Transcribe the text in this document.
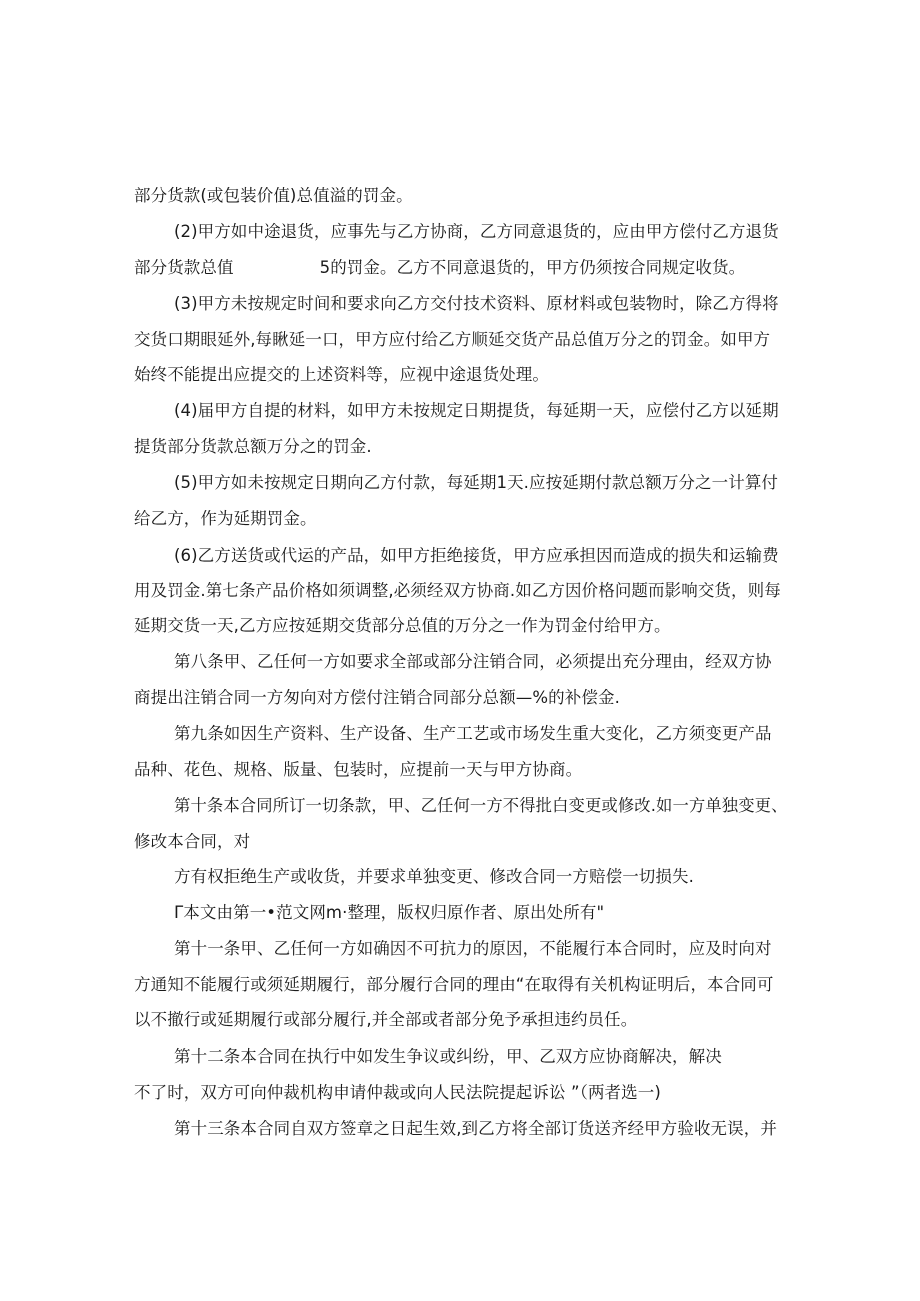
部分货款(或包装价值)总值溢的罚金。
(2)甲方如中途退货，应事先与乙方协商，乙方同意退货的，应由甲方偿付乙方退货
部分货款总值	5的罚金。乙方不同意退货的，甲方仍须按合同规定收货。
(3)甲方未按规定时间和要求向乙方交付技术资料、原材料或包装物时，除乙方得将
交货口期眼延外,每瞅延一口，甲方应付给乙方顺延交货产品总值万分之的罚金。如甲方
始终不能提出应提交的上述资料等，应视中途退货处理。
(4)届甲方自提的材料，如甲方未按规定日期提货，每延期一天，应偿付乙方以延期
提货部分货款总额万分之的罚金.
(5)甲方如未按规定日期向乙方付款，每延期1天.应按延期付款总额万分之一计算付
给乙方，作为延期罚金。
(6)乙方送货或代运的产品，如甲方拒绝接货，甲方应承担因而造成的损失和运输费
用及罚金.第七条产品价格如须调整,必须经双方协商.如乙方因价格问题而影响交货，则每
延期交货一天,乙方应按延期交货部分总值的万分之一作为罚金付给甲方。
第八条甲、乙任何一方如要求全部或部分注销合同，必须提出充分理由，经双方协
商提出注销合同一方匆向对方偿付注销合同部分总额—%的补偿金.
第九条如因生产资料、生产设备、生产工艺或市场发生重大变化，乙方须变更产品
品种、花色、规格、版量、包装时，应提前一天与甲方协商。
第十条本合同所订一切条款，甲、乙任何一方不得批白变更或修改.如一方单独变更、
修改本合同，对
方有权拒绝生产或收货，并要求单独变更、修改合同一方赔偿一切损失.
Γ本文由第一•范文网m·整理，版权归原作者、原出处所有"
第十一条甲、乙任何一方如确因不可抗力的原因，不能履行本合同时，应及时向对
方通知不能履行或须延期履行，部分履行合同的理由“在取得有关机构证明后，本合同可
以不撤行或延期履行或部分履行,并全部或者部分免予承担违约员任。
第十二条本合同在执行中如发生争议或纠纷，甲、乙双方应协商解决，解决
不了时，双方可向仲裁机构申请仲裁或向人民法院提起诉讼 ”（两者选一)
第十三条本合同自双方签章之日起生效,到乙方将全部订货送齐经甲方验收无误，并
